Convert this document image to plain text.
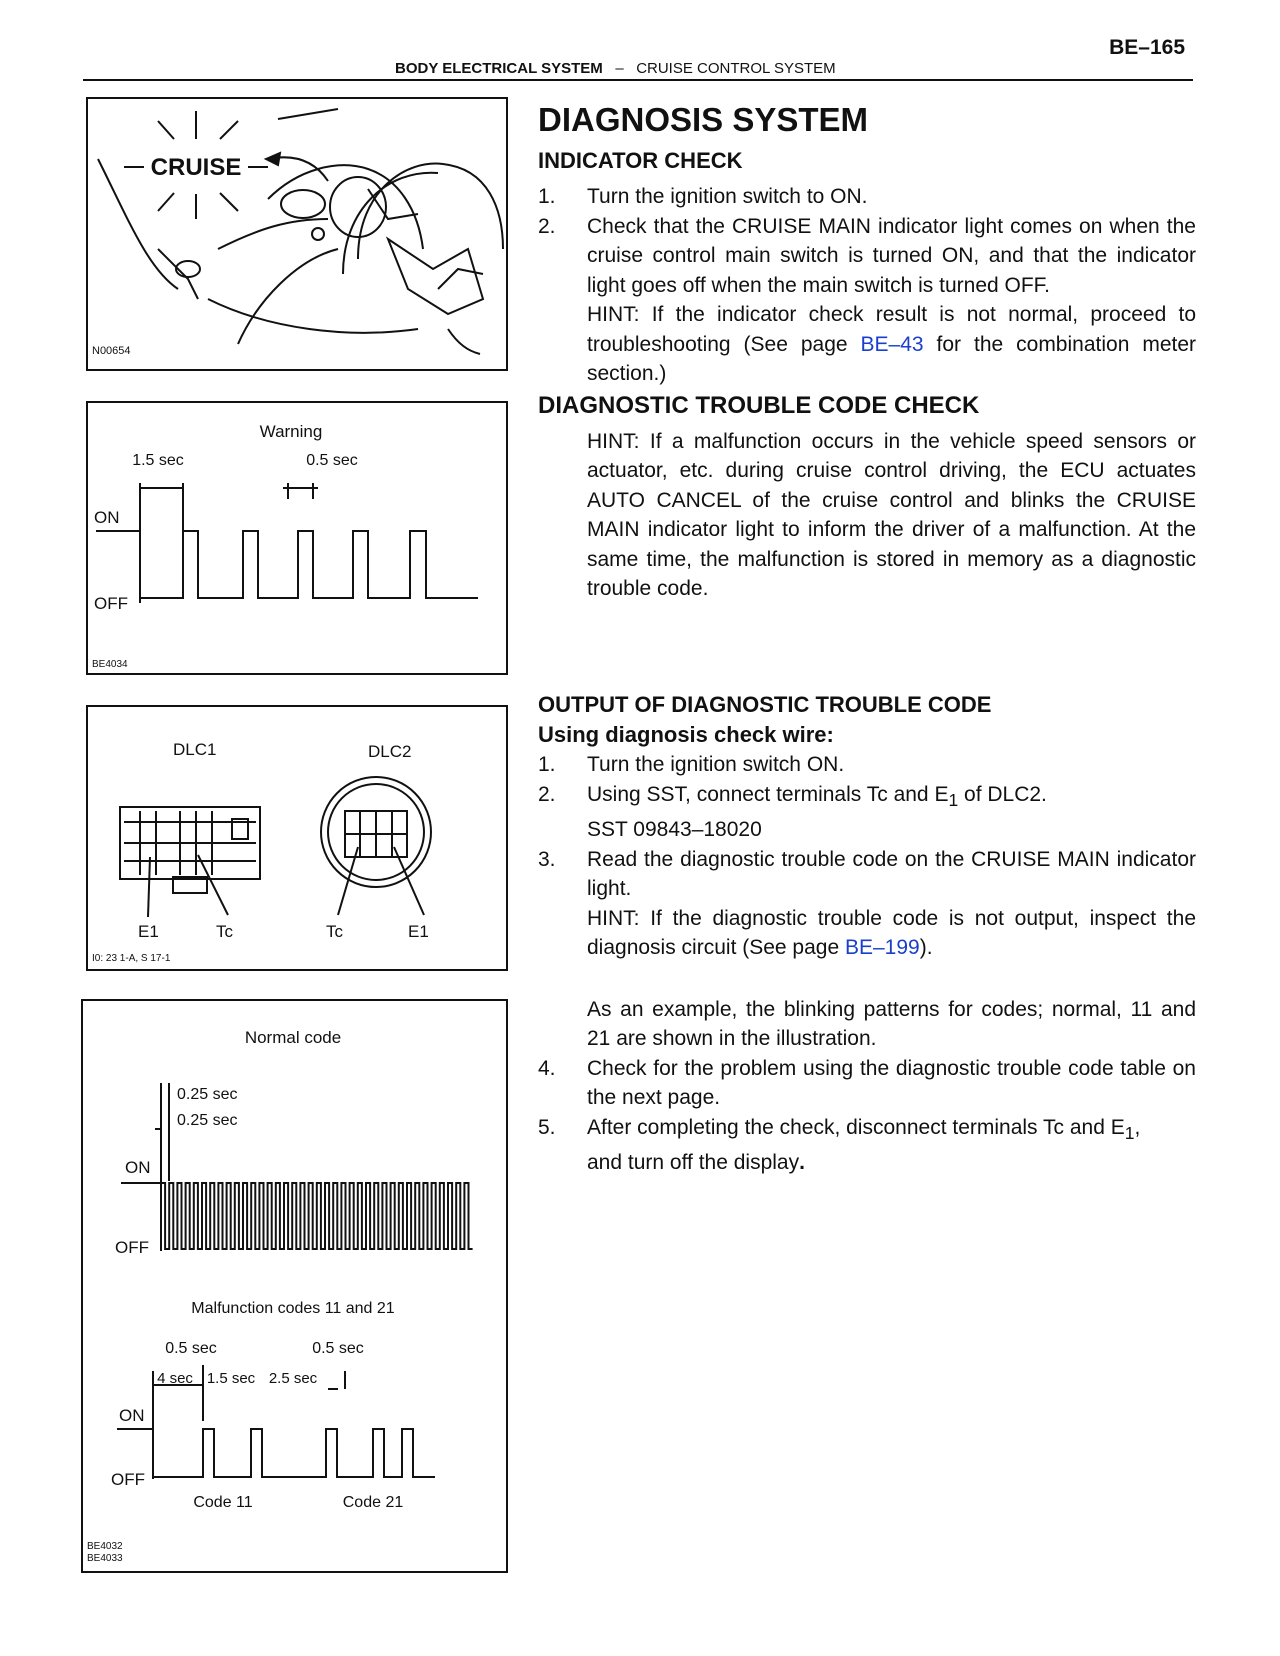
BE–165
BODY ELECTRICAL SYSTEM – CRUISE CONTROL SYSTEM
CRUISE
N00654
Warning
1.5 sec	0.5 sec
ON
OFF
BE4034
DLC1	DLC2
E1	Tc	Tc	E1
I0: 23 1-A, S 17-1
Normal code
0.25 sec
0.25 sec
ON
OFF
Malfunction codes 11 and 21
0.5 sec	0.5 sec
4 sec 1.5 sec 2.5 sec
ON
OFF
Code 11	Code 21
BE4032
BE4033
DIAGNOSIS SYSTEM
INDICATOR CHECK
1.	Turn the ignition switch to ON.
2.	Check that the CRUISE MAIN indicator light comes on when the cruise control main switch is turned ON, and that the indicator light goes off when the main switch is turned OFF.
HINT: If the indicator check result is not normal, proceed to troubleshooting (See page BE–43 for the combination meter section.)
DIAGNOSTIC TROUBLE CODE CHECK
HINT: If a malfunction occurs in the vehicle speed sensors or actuator, etc. during cruise control driving, the ECU actuates AUTO CANCEL of the cruise control and blinks the CRUISE MAIN indicator light to inform the driver of a malfunction. At the same time, the malfunction is stored in memory as a diagnostic trouble code.
OUTPUT OF DIAGNOSTIC TROUBLE CODE
Using diagnosis check wire:
1.	Turn the ignition switch ON.
2.	Using SST, connect terminals Tc and $E_1$ of DLC2.
SST 09843–18020
3.	Read the diagnostic trouble code on the CRUISE MAIN indicator light.
HINT: If the diagnostic trouble code is not output, inspect the diagnosis circuit (See page BE–199).
As an example, the blinking patterns for codes; normal, 11 and 21 are shown in the illustration.
4.	Check for the problem using the diagnostic trouble code table on the next page.
5.	After completing the check, disconnect terminals Tc and $E_1$,
and turn off the display.
